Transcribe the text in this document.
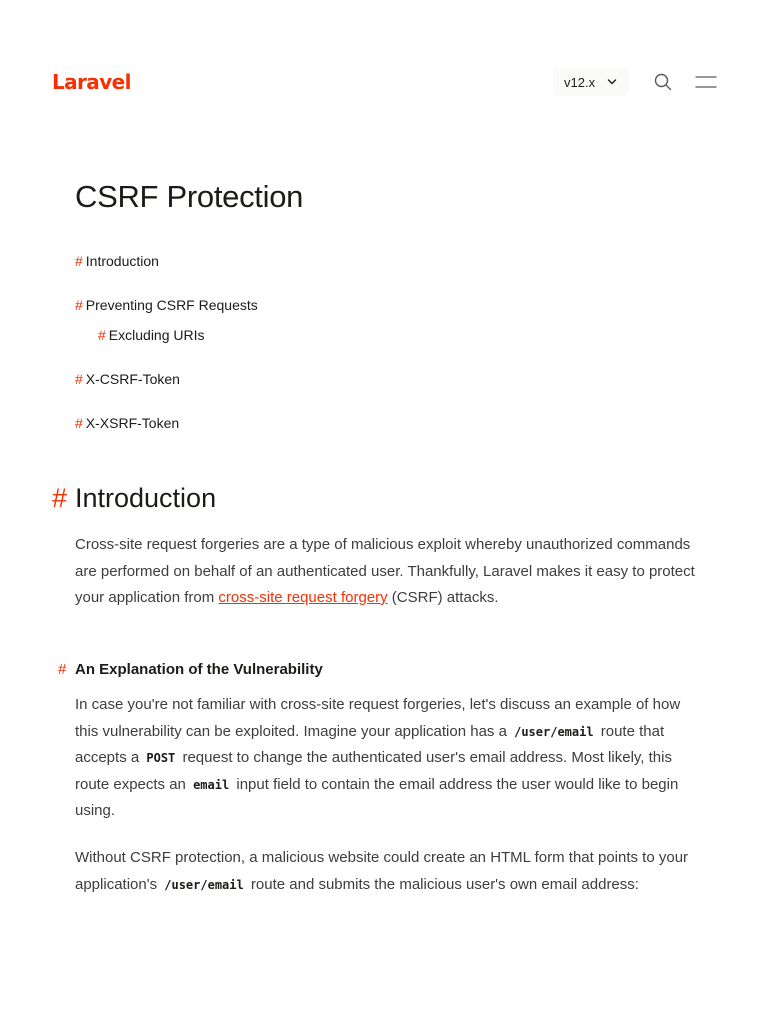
Laravel	v12.x
CSRF Protection
# Introduction
# Preventing CSRF Requests
# Excluding URIs
# X-CSRF-Token
# X-XSRF-Token
# Introduction

Cross-site request forgeries are a type of malicious exploit whereby unauthorized commands are performed on behalf of an authenticated user. Thankfully, Laravel makes it easy to protect your application from cross-site request forgery (CSRF) attacks.

# An Explanation of the Vulnerability

In case you're not familiar with cross-site request forgeries, let's discuss an example of how this vulnerability can be exploited. Imagine your application has a /user/email route that accepts a POST request to change the authenticated user's email address. Most likely, this route expects an email input field to contain the email address the user would like to begin using.

Without CSRF protection, a malicious website could create an HTML form that points to your application's /user/email route and submits the malicious user's own email address:
